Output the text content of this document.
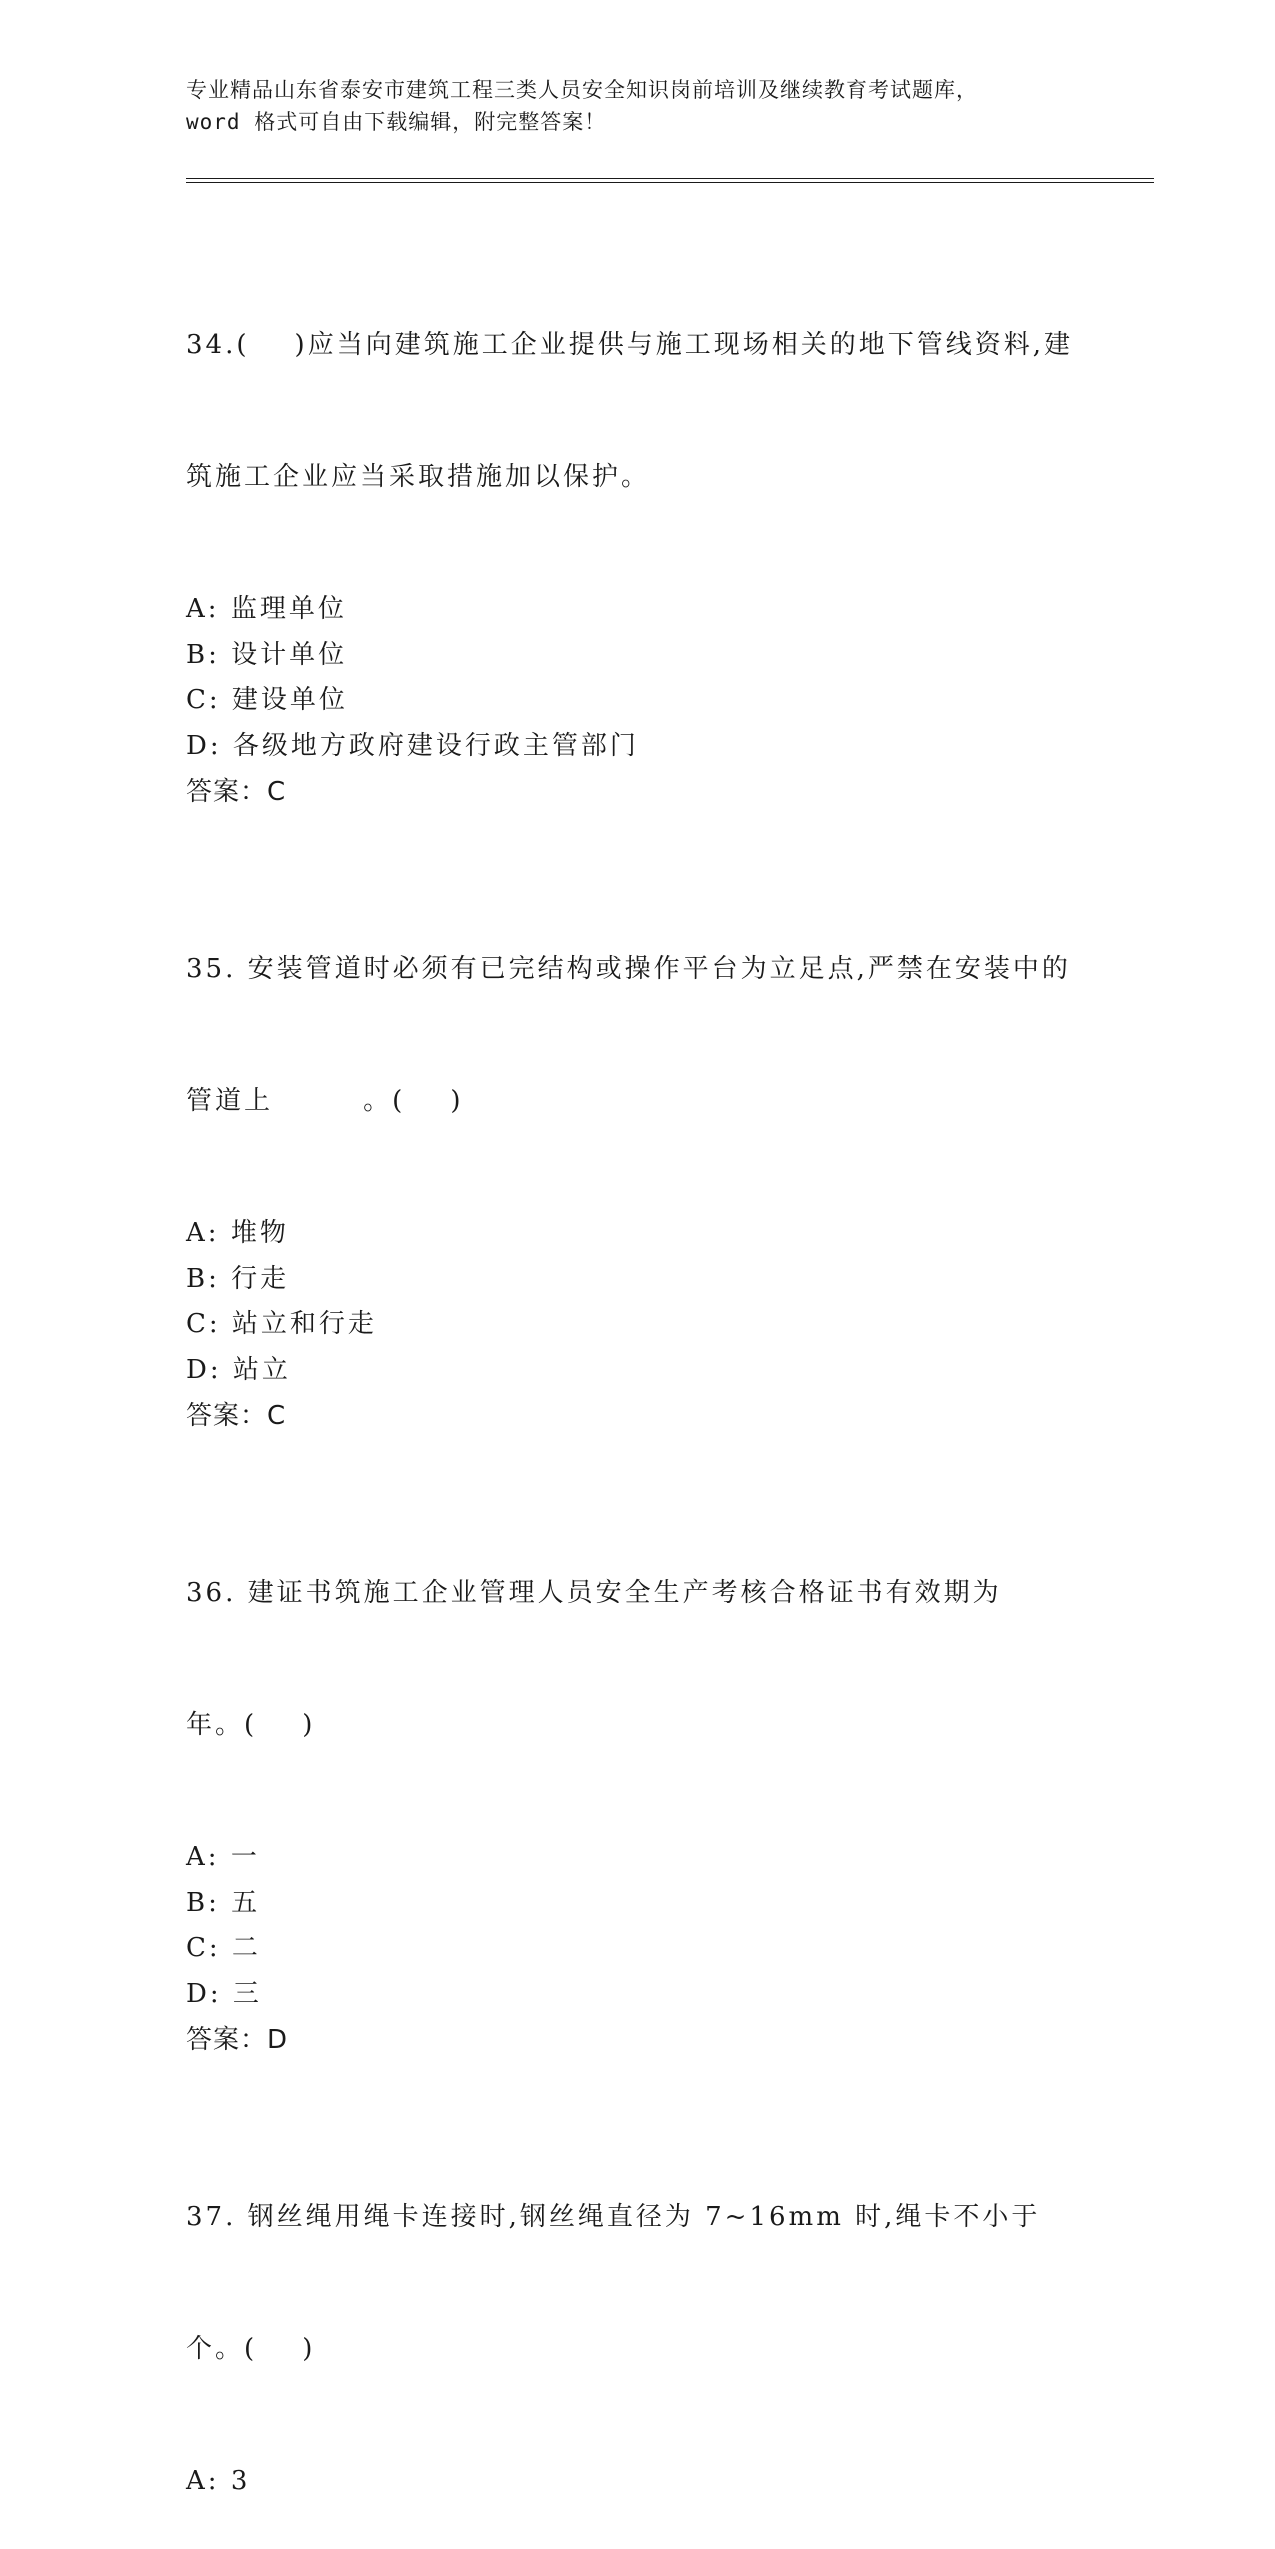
专业精品山东省泰安市建筑工程三类人员安全知识岗前培训及继续教育考试题库，
word 格式可自由下载编辑，附完整答案！

34.(    )应当向建筑施工企业提供与施工现场相关的地下管线资料,建

筑施工企业应当采取措施加以保护。

A: 监理单位
B: 设计单位
C: 建设单位
D: 各级地方政府建设行政主管部门
答案：C

35. 安装管道时必须有已完结构或操作平台为立足点,严禁在安装中的

管道上        。(    )

A: 堆物
B: 行走
C: 站立和行走
D: 站立
答案：C

36. 建证书筑施工企业管理人员安全生产考核合格证书有效期为

年。(    )

A: 一
B: 五
C: 二
D: 三
答案：D

37. 钢丝绳用绳卡连接时,钢丝绳直径为 7~16mm 时,绳卡不小于

个。(    )

A: 3
